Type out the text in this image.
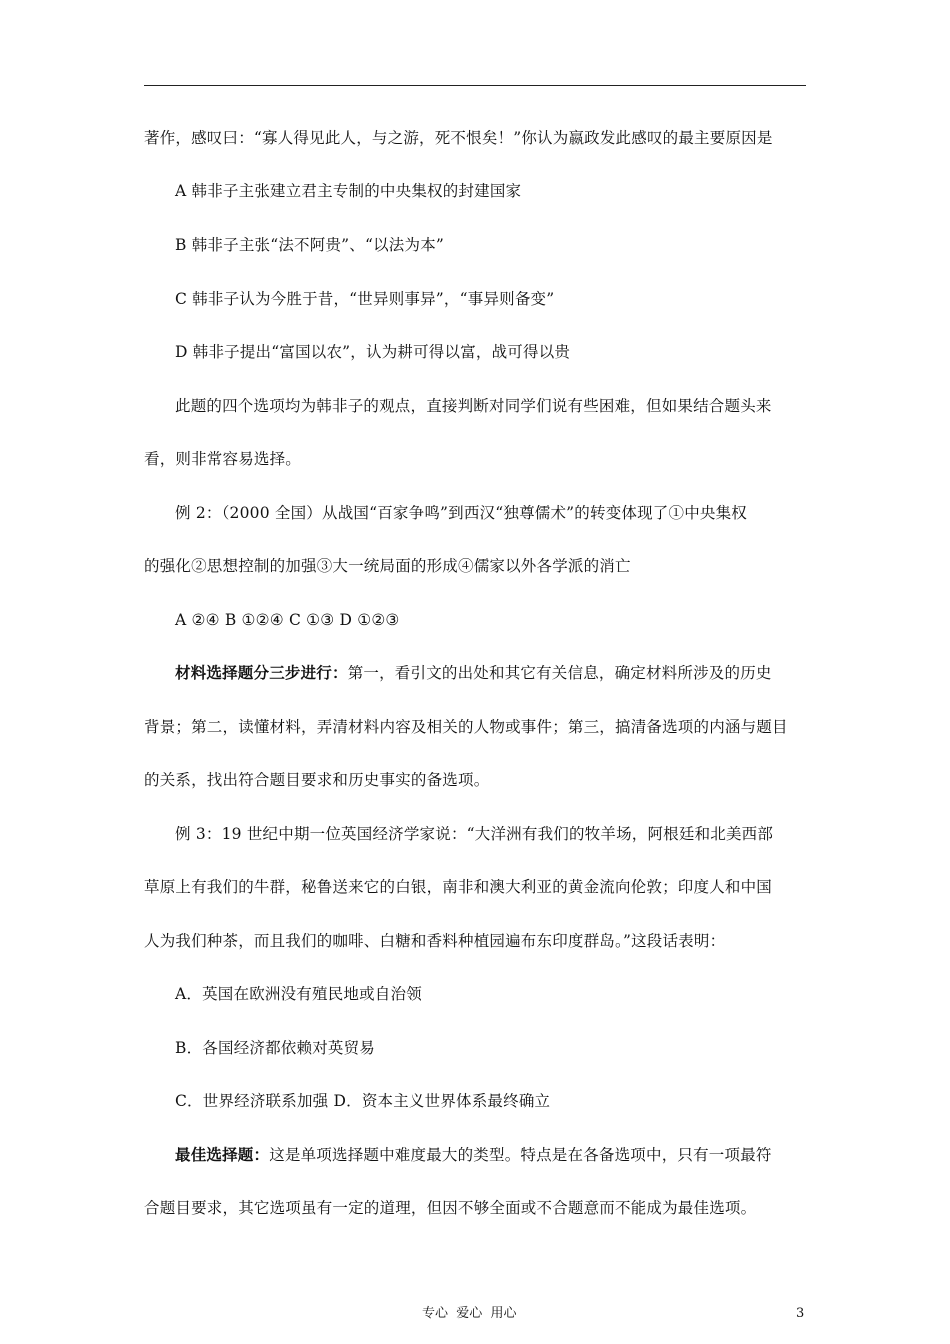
著作，感叹曰：“寡人得见此人，与之游，死不恨矣！”你认为嬴政发此感叹的最主要原因是
A 韩非子主张建立君主专制的中央集权的封建国家
B 韩非子主张“法不阿贵”、“以法为本”
C 韩非子认为今胜于昔，“世异则事异”，“事异则备变”
D 韩非子提出“富国以农”，认为耕可得以富，战可得以贵
此题的四个选项均为韩非子的观点，直接判断对同学们说有些困难，但如果结合题头来
看，则非常容易选择。
例 2：（2000 全国）从战国“百家争鸣”到西汉“独尊儒术”的转变体现了①中央集权
的强化②思想控制的加强③大一统局面的形成④儒家以外各学派的消亡
A ②④ B ①②④ C ①③ D ①②③
材料选择题分三步进行：第一，看引文的出处和其它有关信息，确定材料所涉及的历史
背景；第二，读懂材料，弄清材料内容及相关的人物或事件；第三，搞清备选项的内涵与题目
的关系，找出符合题目要求和历史事实的备选项。
例 3：19 世纪中期一位英国经济学家说：“大洋洲有我们的牧羊场，阿根廷和北美西部
草原上有我们的牛群，秘鲁送来它的白银，南非和澳大利亚的黄金流向伦敦；印度人和中国
人为我们种茶，而且我们的咖啡、白糖和香料种植园遍布东印度群岛。”这段话表明：
A．英国在欧洲没有殖民地或自治领
B．各国经济都依赖对英贸易
C．世界经济联系加强 D．资本主义世界体系最终确立
最佳选择题：这是单项选择题中难度最大的类型。特点是在各备选项中，只有一项最符
合题目要求，其它选项虽有一定的道理，但因不够全面或不合题意而不能成为最佳选项。
专心  爱心  用心	3
